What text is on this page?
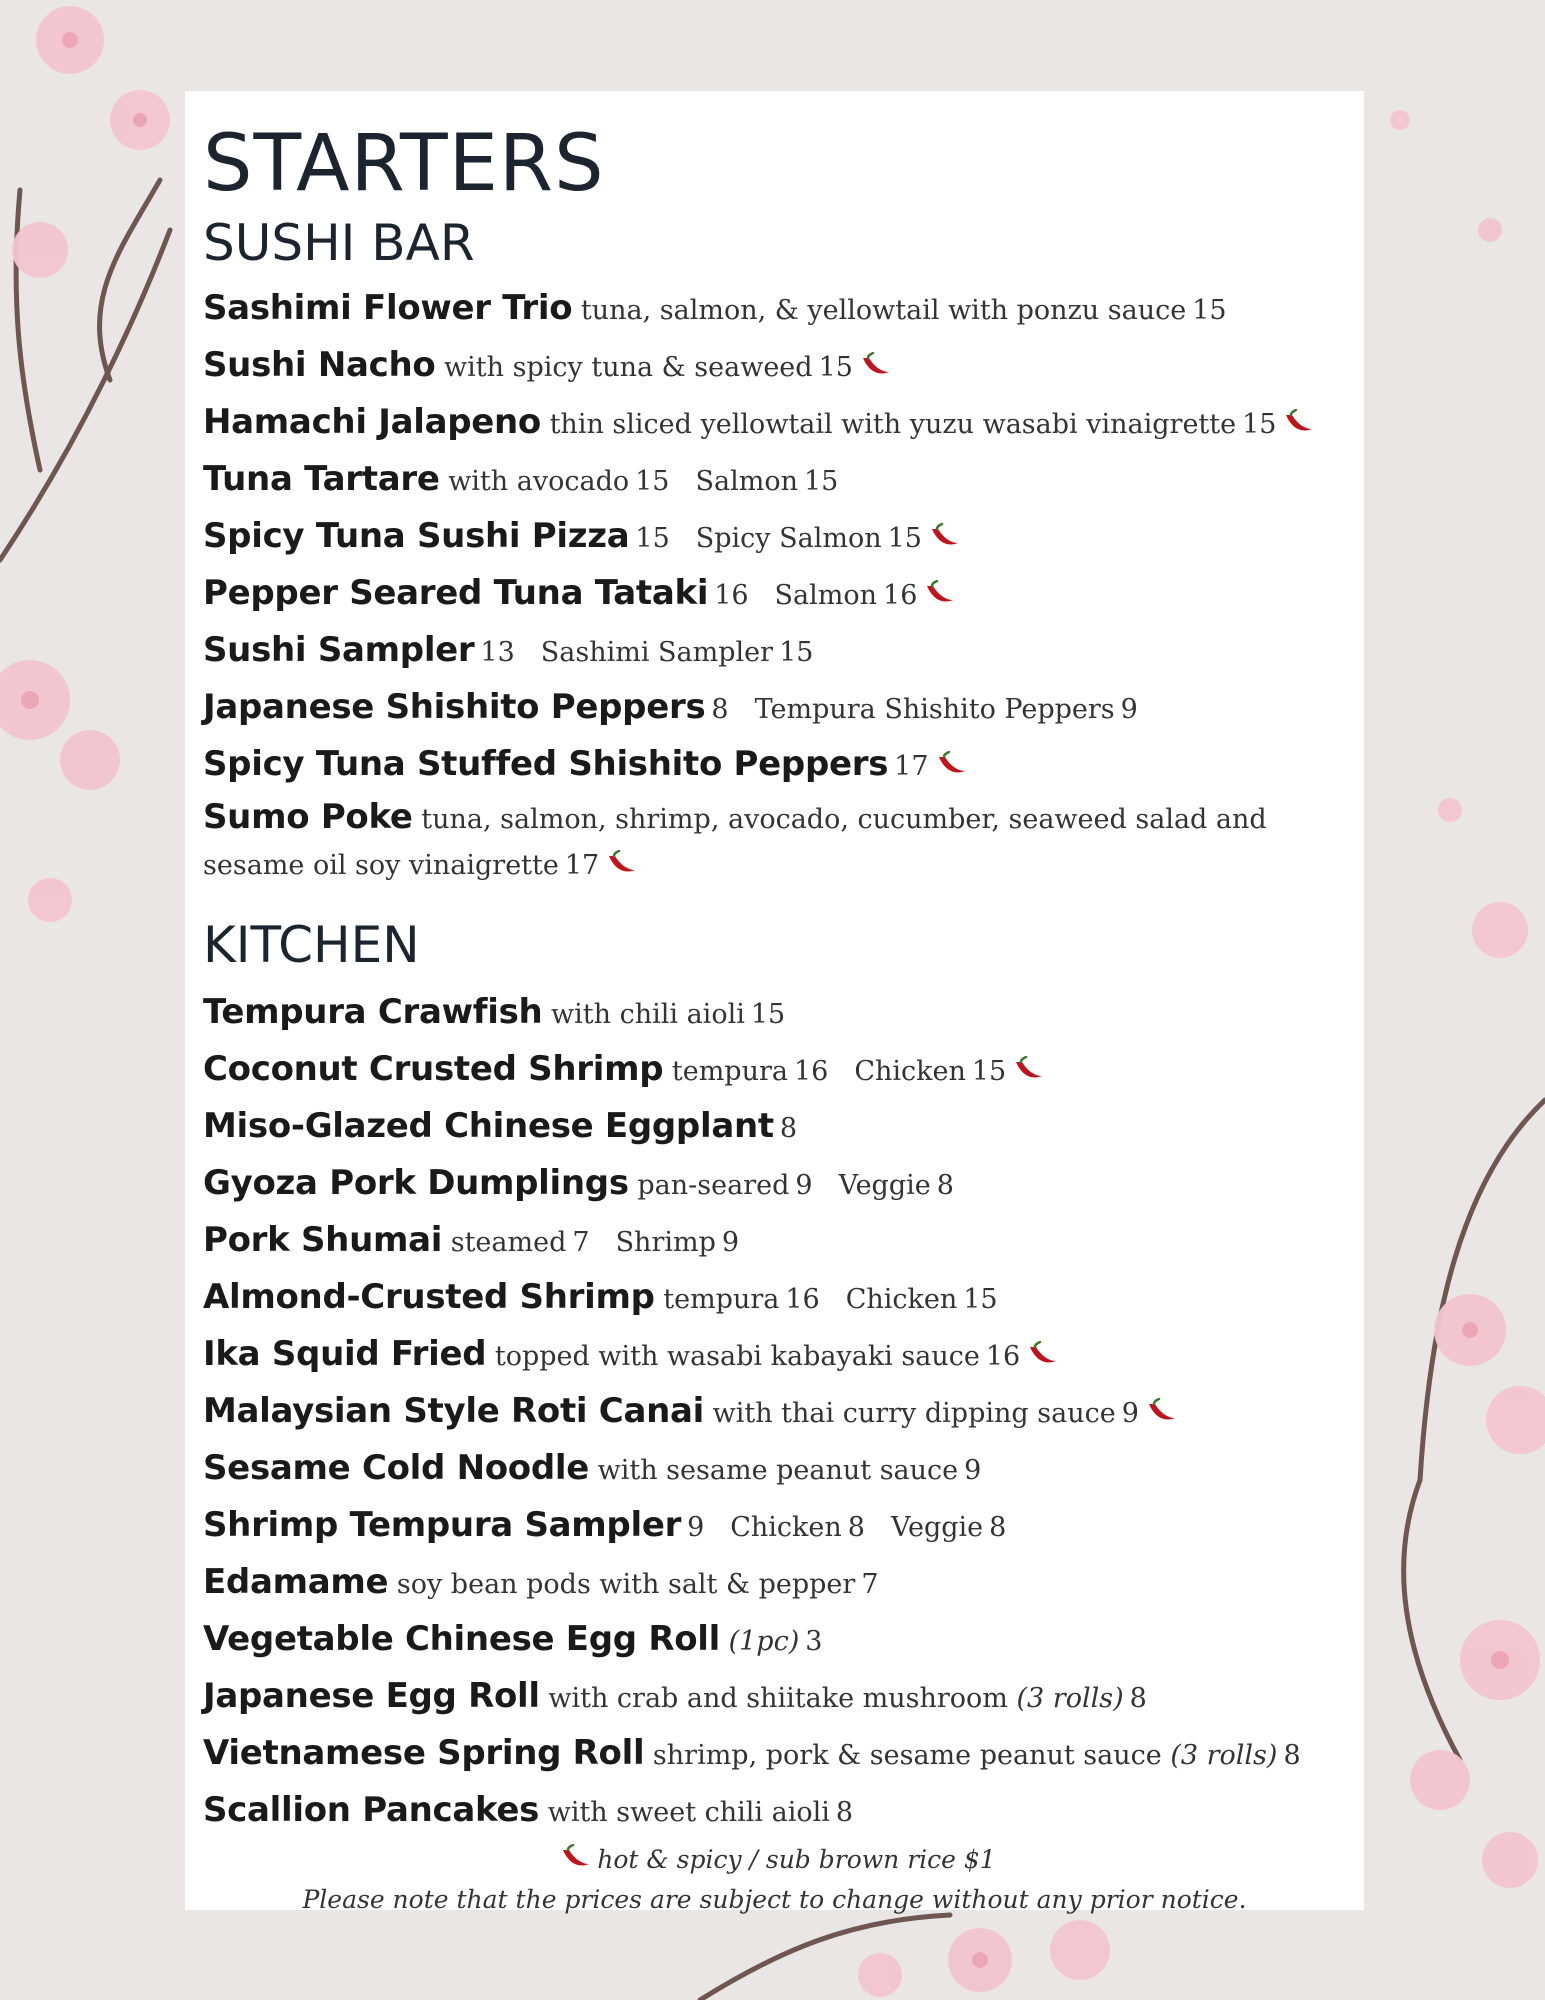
STARTERS
SUSHI BAR
Sashimi Flower Trio tuna, salmon, & yellowtail with ponzu sauce 15
Sushi Nacho with spicy tuna & seaweed 15
Hamachi Jalapeno thin sliced yellowtail with yuzu wasabi vinaigrette 15
Tuna Tartare with avocado 15 Salmon 15
Spicy Tuna Sushi Pizza 15 Spicy Salmon 15
Pepper Seared Tuna Tataki 16 Salmon 16
Sushi Sampler 13 Sashimi Sampler 15
Japanese Shishito Peppers 8 Tempura Shishito Peppers 9
Spicy Tuna Stuffed Shishito Peppers 17
Sumo Poke tuna, salmon, shrimp, avocado, cucumber, seaweed salad and sesame oil soy vinaigrette 17
KITCHEN
Tempura Crawfish with chili aioli 15
Coconut Crusted Shrimp tempura 16 Chicken 15
Miso-Glazed Chinese Eggplant 8
Gyoza Pork Dumplings pan-seared 9 Veggie 8
Pork Shumai steamed 7 Shrimp 9
Almond-Crusted Shrimp tempura 16 Chicken 15
Ika Squid Fried topped with wasabi kabayaki sauce 16
Malaysian Style Roti Canai with thai curry dipping sauce 9
Sesame Cold Noodle with sesame peanut sauce 9
Shrimp Tempura Sampler 9 Chicken 8 Veggie 8
Edamame soy bean pods with salt & pepper 7
Vegetable Chinese Egg Roll (1pc) 3
Japanese Egg Roll with crab and shiitake mushroom (3 rolls) 8
Vietnamese Spring Roll shrimp, pork & sesame peanut sauce (3 rolls) 8
Scallion Pancakes with sweet chili aioli 8
hot & spicy / sub brown rice $1
Please note that the prices are subject to change without any prior notice.
